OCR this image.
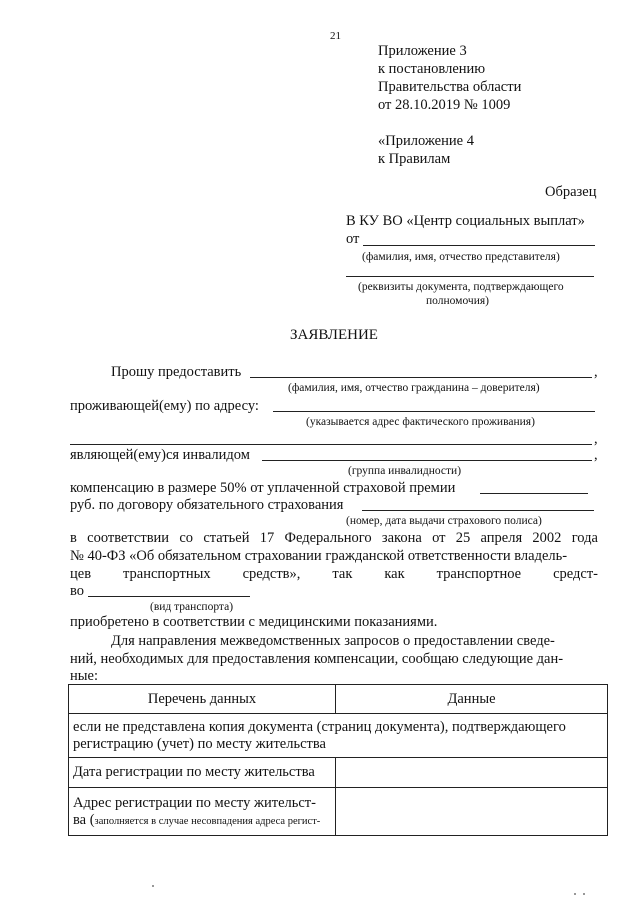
21
Приложение 3
к постановлению
Правительства области
от 28.10.2019 № 1009
«Приложение 4
к Правилам
Образец
В КУ ВО «Центр социальных выплат»
от
(фамилия, имя, отчество представителя)
(реквизиты документа, подтверждающего
полномочия)
ЗАЯВЛЕНИЕ
Прошу предоставить	,
(фамилия, имя, отчество гражданина – доверителя)
проживающей(ему) по адресу:
(указывается адрес фактического проживания)
,
являющей(ему)ся инвалидом	,
(группа инвалидности)
компенсацию в размере 50% от уплаченной страховой премии
руб. по договору обязательного страхования
(номер, дата выдачи страхового полиса)
в соответствии со статьей 17 Федерального закона от 25 апреля 2002 года
№ 40-ФЗ «Об обязательном страховании гражданской ответственности владель-
цев транспортных средств», так как транспортное средст-
во
(вид транспорта)
приобретено в соответствии с медицинскими показаниями.
Для направления межведомственных запросов о предоставлении сведе-
ний, необходимых для предоставления компенсации, сообщаю следующие дан-
ные:
Перечень данных	Данные

если не представлена копия документа (страниц документа), подтверждающего
регистрацию (учет) по месту жительства	

Дата регистрации по месту жительства	

Адрес регистрации по месту жительст-
ва (заполняется в случае несовпадения адреса регист-	
